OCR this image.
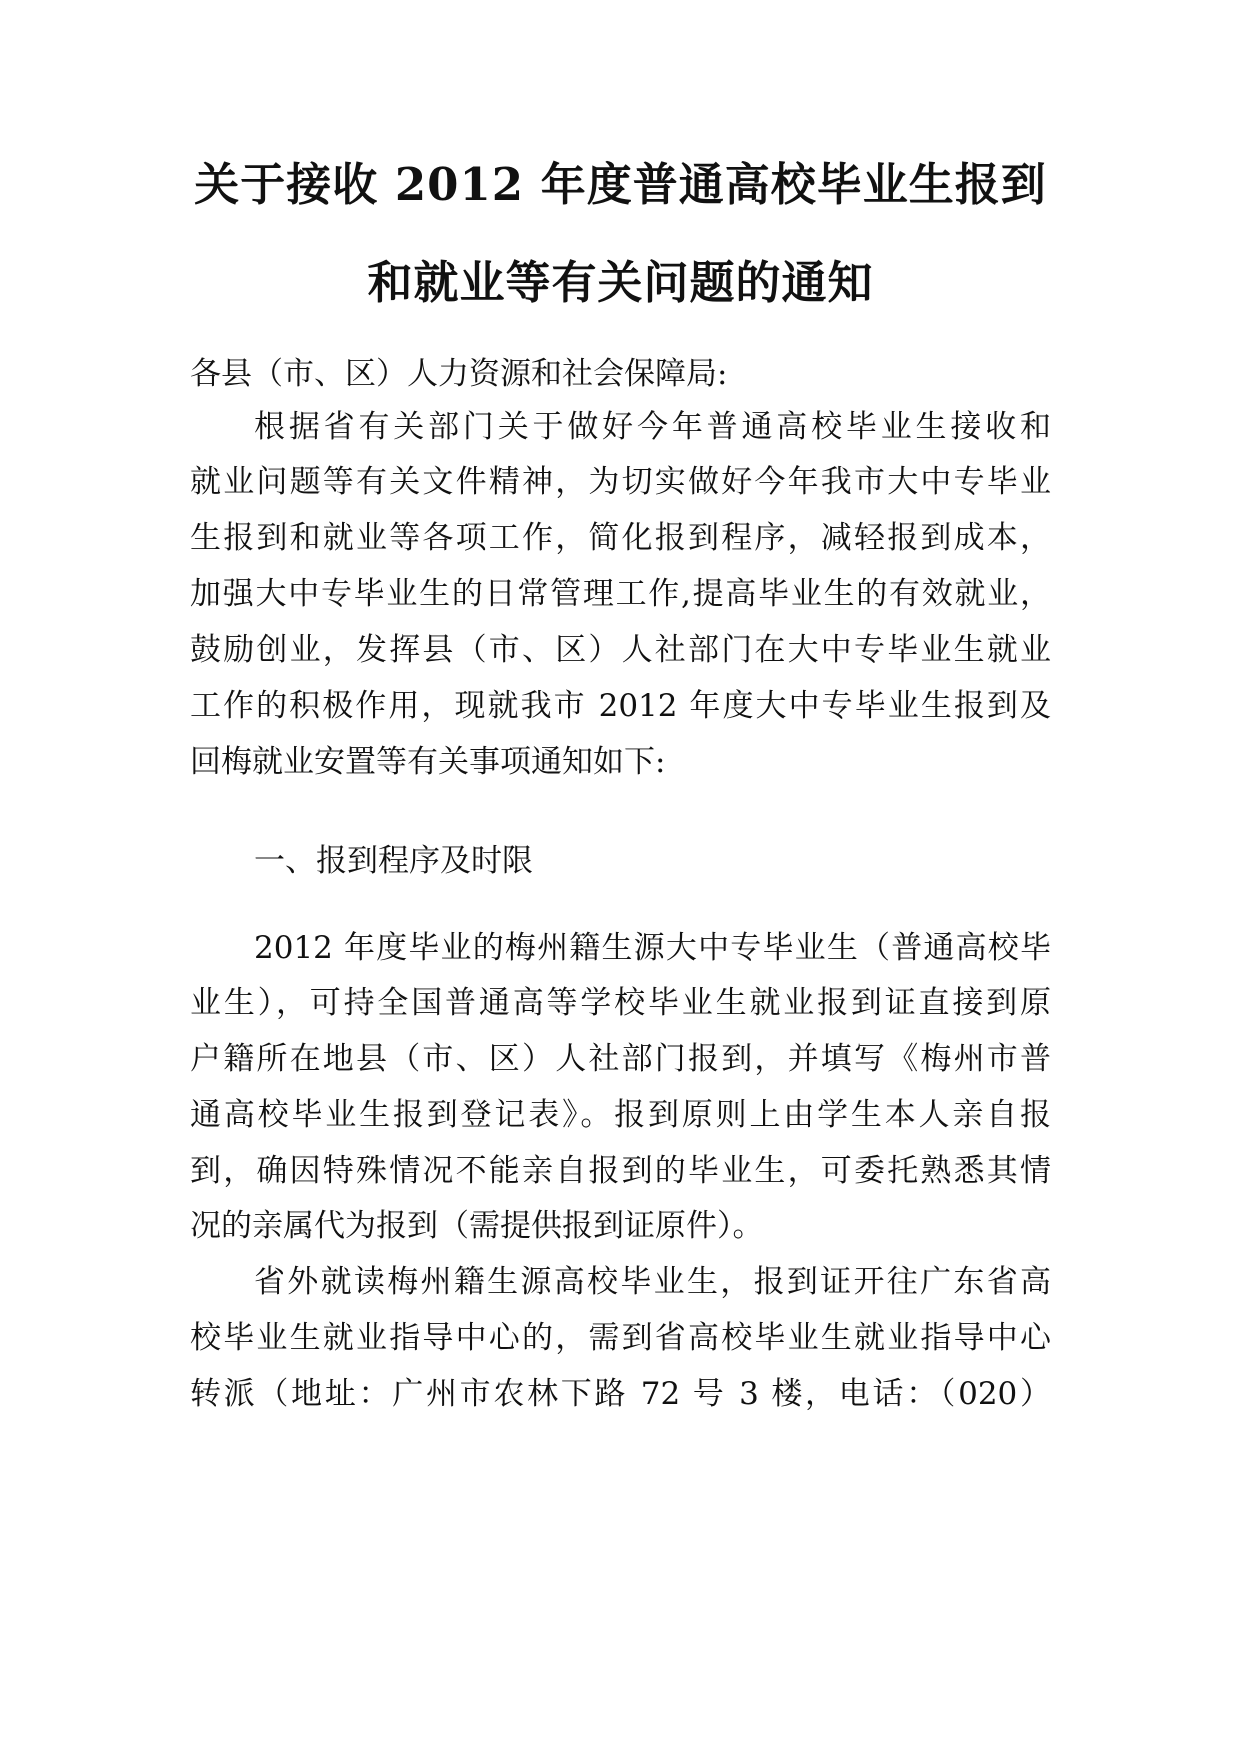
关于接收 2012 年度普通高校毕业生报到
和就业等有关问题的通知
各县（市、区）人力资源和社会保障局:
根据省有关部门关于做好今年普通高校毕业生接收和
就业问题等有关文件精神，为切实做好今年我市大中专毕业
生报到和就业等各项工作，简化报到程序，减轻报到成本，
加强大中专毕业生的日常管理工作,提高毕业生的有效就业，
鼓励创业，发挥县（市、区）人社部门在大中专毕业生就业
工作的积极作用，现就我市 2012 年度大中专毕业生报到及
回梅就业安置等有关事项通知如下:
一、报到程序及时限
2012 年度毕业的梅州籍生源大中专毕业生（普通高校毕
业生），可持全国普通高等学校毕业生就业报到证直接到原
户籍所在地县（市、区）人社部门报到，并填写《梅州市普
通高校毕业生报到登记表》。报到原则上由学生本人亲自报
到，确因特殊情况不能亲自报到的毕业生，可委托熟悉其情
况的亲属代为报到（需提供报到证原件）。
省外就读梅州籍生源高校毕业生，报到证开往广东省高
校毕业生就业指导中心的，需到省高校毕业生就业指导中心
转派（地址：广州市农林下路 72 号 3 楼，电话：（020）
